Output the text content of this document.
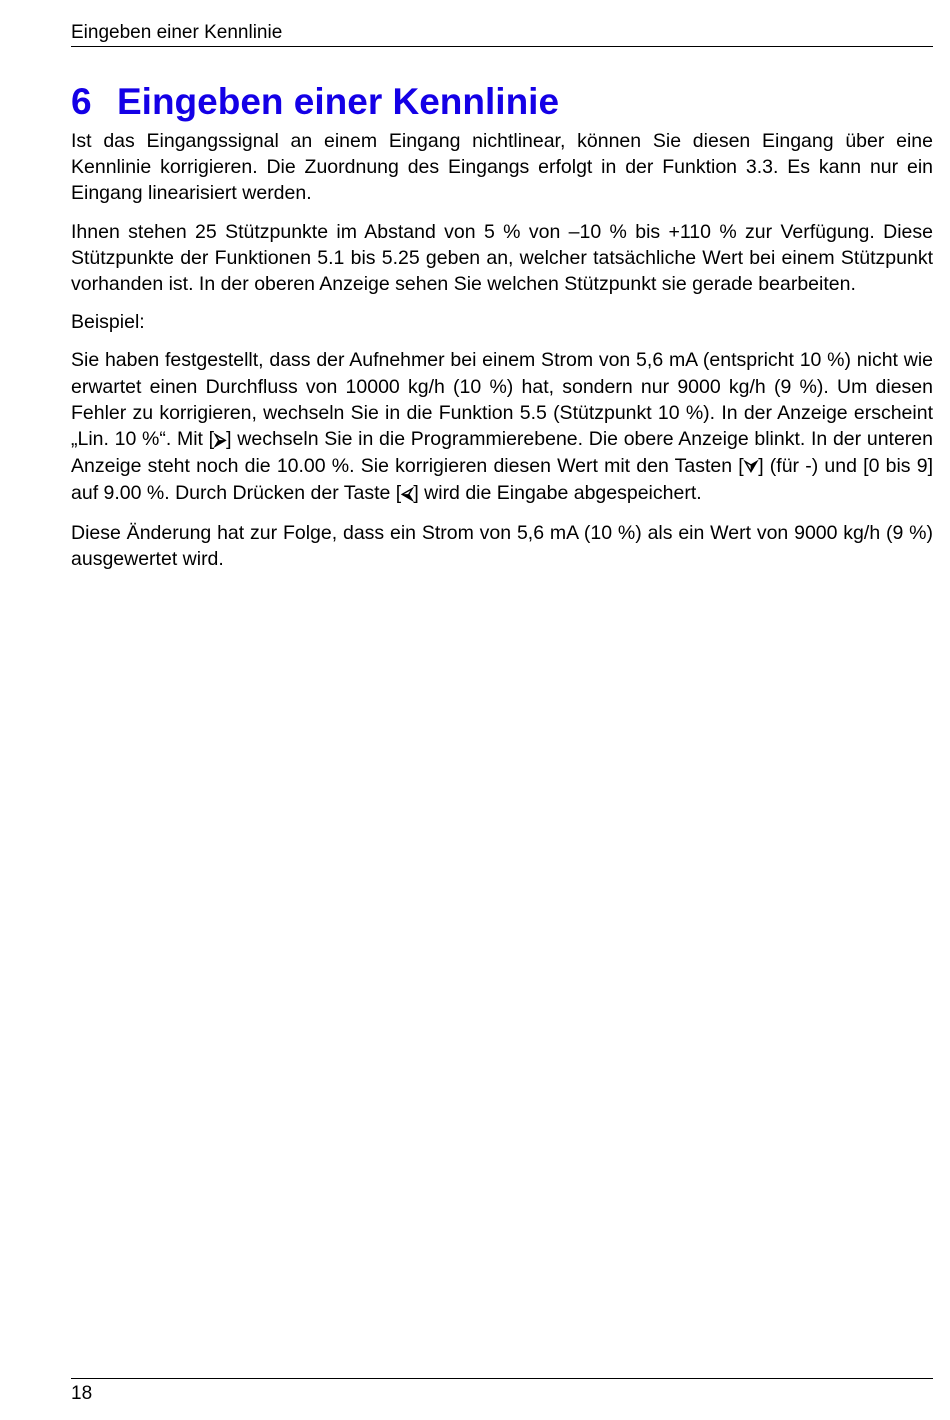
Eingeben einer Kennlinie
6 Eingeben einer Kennlinie

Ist das Eingangssignal an einem Eingang nichtlinear, können Sie diesen Eingang über eine Kennlinie korrigieren. Die Zuordnung des Eingangs erfolgt in der Funktion 3.3. Es kann nur ein Eingang linearisiert werden.

Ihnen stehen 25 Stützpunkte im Abstand von 5 % von –10 % bis +110 % zur Verfügung. Diese Stützpunkte der Funktionen 5.1 bis 5.25 geben an, welcher tatsächliche Wert bei einem Stützpunkt vorhanden ist. In der oberen Anzeige sehen Sie welchen Stützpunkt sie gerade bearbeiten.

Beispiel:

Sie haben festgestellt, dass der Aufnehmer bei einem Strom von 5,6 mA (entspricht 10 %) nicht wie erwartet einen Durchfluss von 10000 kg/h (10 %) hat, sondern nur 9000 kg/h (9 %). Um diesen Fehler zu korrigieren, wechseln Sie in die Funktion 5.5 (Stützpunkt 10 %). In der Anzeige erscheint „Lin. 10 %“. Mit [⮚] wechseln Sie in die Programmierebene. Die obere Anzeige blinkt. In der unteren Anzeige steht noch die 10.00 %. Sie korrigieren diesen Wert mit den Tasten [⮛] (für -) und [0 bis 9] auf 9.00 %. Durch Drücken der Taste [⮘] wird die Eingabe abgespeichert.

Diese Änderung hat zur Folge, dass ein Strom von 5,6 mA (10 %) als ein Wert von 9000 kg/h (9 %) ausgewertet wird.

18
